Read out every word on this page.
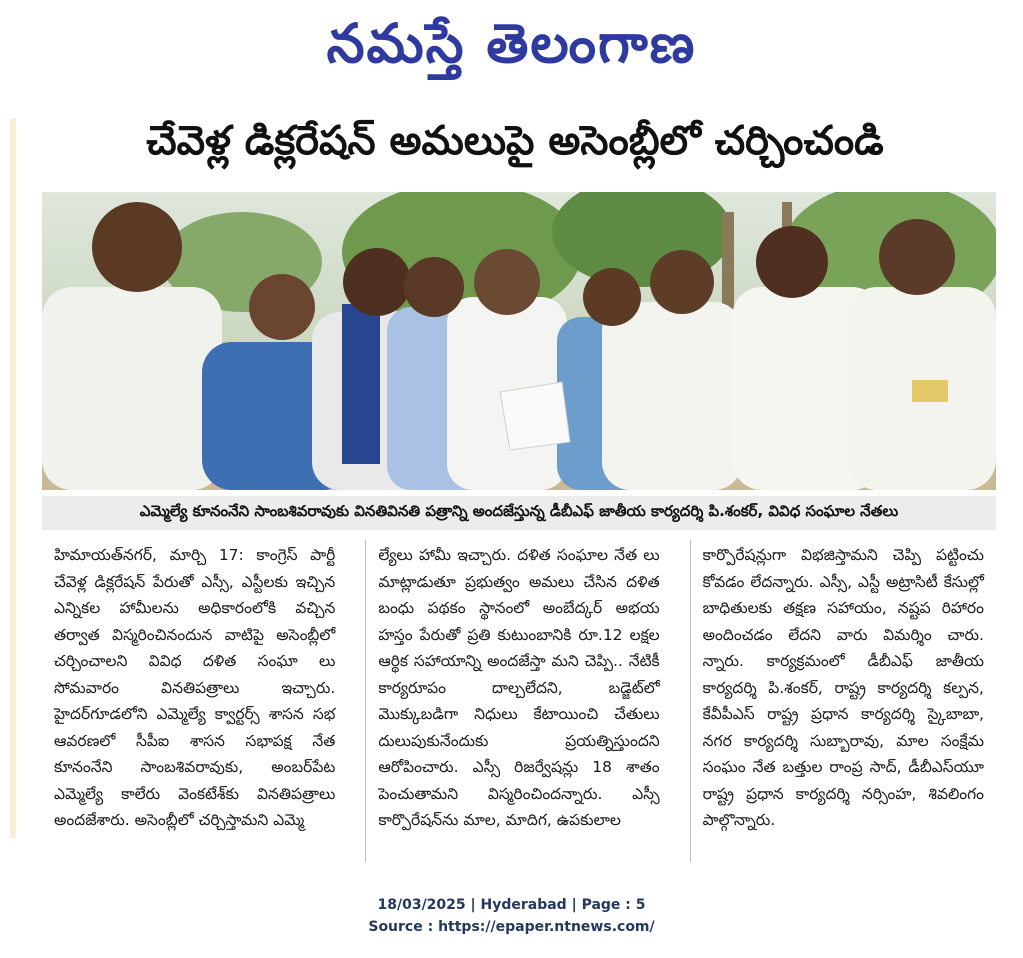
నమస్తే తెలంగాణ
చేవెళ్ల డిక్లరేషన్ అమలుపై అసెంబ్లీలో చర్చించండి
ఎమ్మెల్యే కూనంనేని సాంబశివరావుకు వినతివినతి పత్రాన్ని అందజేస్తున్న డీబీఎఫ్ జాతీయ కార్యదర్శి పి.శంకర్, వివిధ సంఘాల నేతలు

హిమాయత్‌నగర్, మార్చి 17: కాంగ్రెస్ పార్టీ చేవెళ్ల డిక్లరేషన్ పేరుతో ఎస్సీ, ఎస్టీలకు ఇచ్చిన ఎన్నికల హామీలను అధికారంలోకి వచ్చిన తర్వాత విస్మరించినందున వాటిపై అసెంబ్లీలో చర్చించాలని వివిధ దళిత సంఘా లు సోమవారం వినతిపత్రాలు ఇచ్చారు. హైదర్‌గూడలోని ఎమ్మెల్యే క్వార్టర్స్ శాసన సభ ఆవరణలో సీపీఐ శాసన సభాపక్ష నేత కూనంనేని సాంబశివరావుకు, అంబర్‌పేట ఎమ్మెల్యే కాలేరు వెంకటేశ్‌కు వినతిపత్రాలు అందజేశారు. అసెంబ్లీలో చర్చిస్తామని ఎమ్మె

ల్యేలు హామీ ఇచ్చారు. దళిత సంఘాల నేత లు మాట్లాడుతూ ప్రభుత్వం అమలు చేసిన దళిత బంధు పథకం స్థానంలో అంబేద్కర్ అభయ హస్తం పేరుతో ప్రతి కుటుంబానికి రూ.12 లక్షల ఆర్థిక సహాయాన్ని అందజేస్తా మని చెప్పి.. నేటికీ కార్యరూపం దాల్చలేదని, బడ్జెట్‌లో మొక్కుబడిగా నిధులు కేటాయించి చేతులు దులుపుకునేందుకు ప్రయత్నిస్తుందని ఆరోపించారు. ఎస్సీ రిజర్వేషన్లు 18 శాతం పెంచుతామని విస్మరించిందన్నారు. ఎస్సీ కార్పొరేషన్‌ను మాల, మాదిగ, ఉపకులాల

కార్పొరేషన్లుగా విభజిస్తామని చెప్పి పట్టించు కోవడం లేదన్నారు. ఎస్సీ, ఎస్టీ అట్రాసిటీ కేసుల్లో బాధితులకు తక్షణ సహాయం, నష్టప రిహారం అందించడం లేదని వారు విమర్శిం చారు. న్నారు. కార్యక్రమంలో డీబీఎఫ్ జాతీయ కార్యదర్శి పి.శంకర్, రాష్ట్ర కార్యదర్శి కల్పన, కేవీపీఎస్ రాష్ట్ర ప్రధాన కార్యదర్శి స్కైబాబా, నగర కార్యదర్శి సుబ్బారావు, మాల సంక్షేమ సంఘం నేత బత్తుల రాంప్ర సాద్, డీబీఎస్‌యూ రాష్ట్ర ప్రధాన కార్యదర్శి నర్సింహ, శివలింగం పాల్గొన్నారు.

18/03/2025 | Hyderabad | Page : 5
Source : https://epaper.ntnews.com/
